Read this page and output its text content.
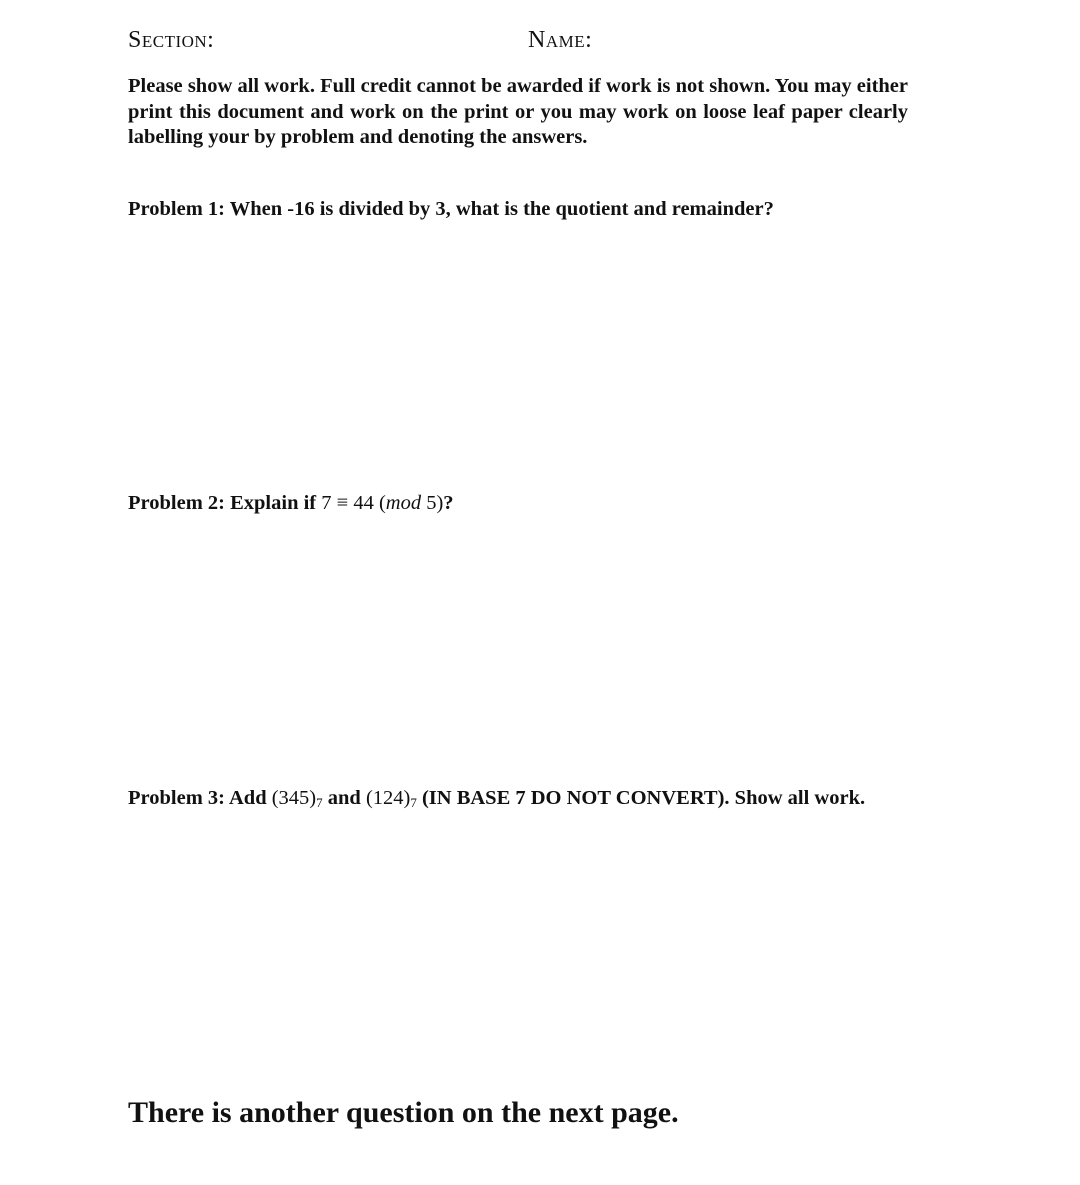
Section:	Name:

Please show all work. Full credit cannot be awarded if work is not shown. You may either print this document and work on the print or you may work on loose leaf paper clearly labelling your by problem and denoting the answers.

Problem 1: When -16 is divided by 3, what is the quotient and remainder?

Problem 2: Explain if 7 ≡ 44 (mod 5)?

Problem 3: Add $(345)_7$ and $(124)_7$ (IN BASE 7 DO NOT CONVERT). Show all work.

There is another question on the next page.
